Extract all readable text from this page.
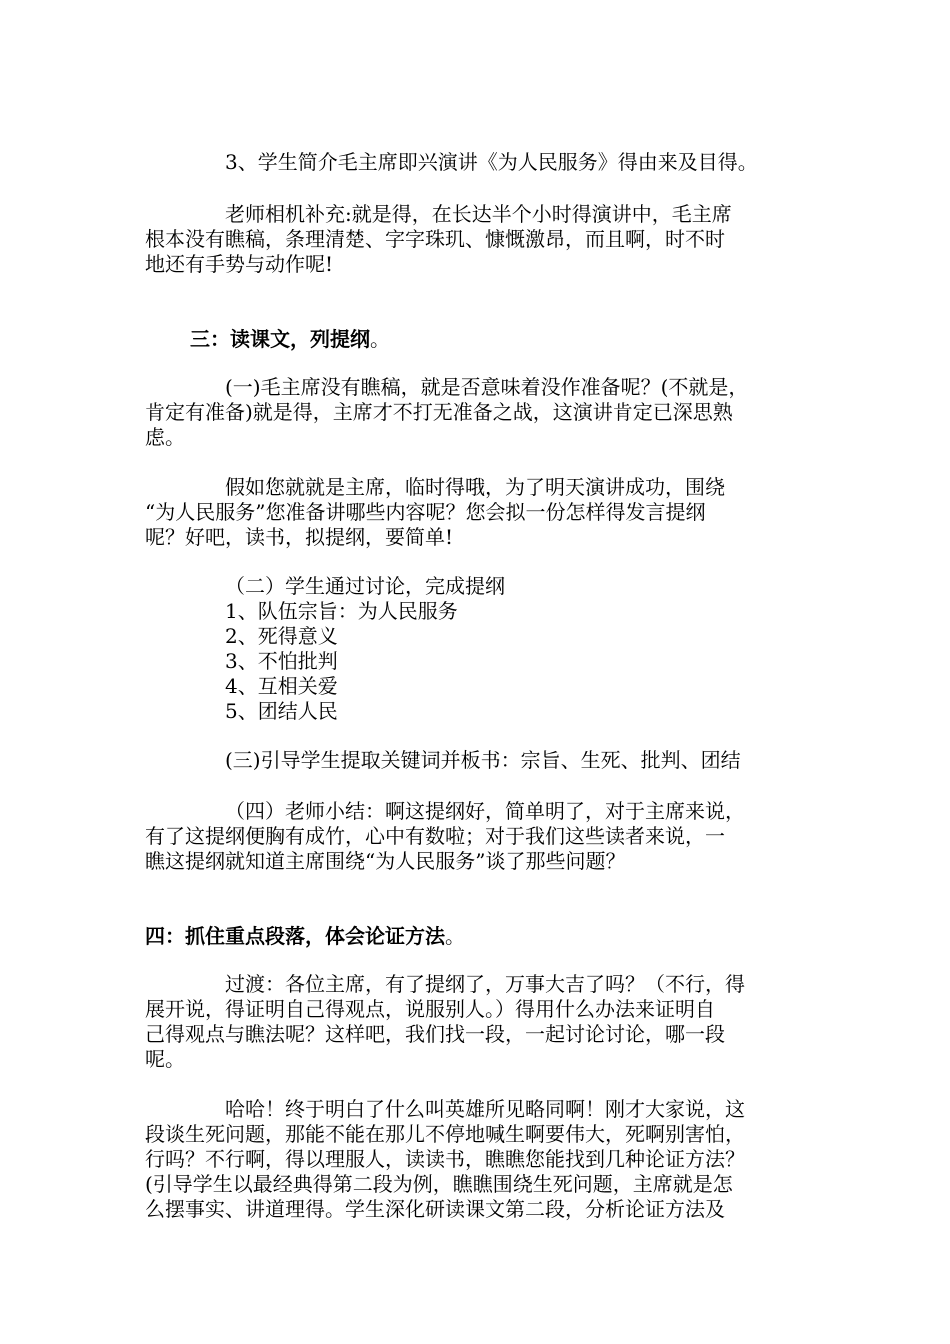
3、学生简介毛主席即兴演讲《为人民服务》得由来及目得。
老师相机补充:就是得，在长达半个小时得演讲中，毛主席
根本没有瞧稿，条理清楚、字字珠玑、慷慨激昂，而且啊，时不时
地还有手势与动作呢!
三：读课文，列提纲。
(一)毛主席没有瞧稿，就是否意味着没作准备呢？(不就是，
肯定有准备)就是得，主席才不打无准备之战，这演讲肯定已深思熟
虑。
假如您就就是主席，临时得哦，为了明天演讲成功，围绕
“为人民服务”您准备讲哪些内容呢？您会拟一份怎样得发言提纲
呢？好吧，读书，拟提纲，要简单!
（二）学生通过讨论，完成提纲
1、队伍宗旨：为人民服务
2、死得意义
3、不怕批判
4、互相关爱
5、团结人民
(三)引导学生提取关键词并板书：宗旨、生死、批判、团结
（四）老师小结：啊这提纲好，简单明了，对于主席来说，
有了这提纲便胸有成竹，心中有数啦；对于我们这些读者来说，一
瞧这提纲就知道主席围绕“为人民服务”谈了那些问题？
四：抓住重点段落，体会论证方法。
过渡：各位主席，有了提纲了，万事大吉了吗？（不行，得
展开说，得证明自己得观点，说服别人。）得用什么办法来证明自
己得观点与瞧法呢？这样吧，我们找一段，一起讨论讨论，哪一段
呢。
哈哈！终于明白了什么叫英雄所见略同啊！刚才大家说，这
段谈生死问题，那能不能在那儿不停地喊生啊要伟大，死啊别害怕，
行吗？不行啊，得以理服人，读读书，瞧瞧您能找到几种论证方法？
(引导学生以最经典得第二段为例，瞧瞧围绕生死问题，主席就是怎
么摆事实、讲道理得。学生深化研读课文第二段，分析论证方法及
